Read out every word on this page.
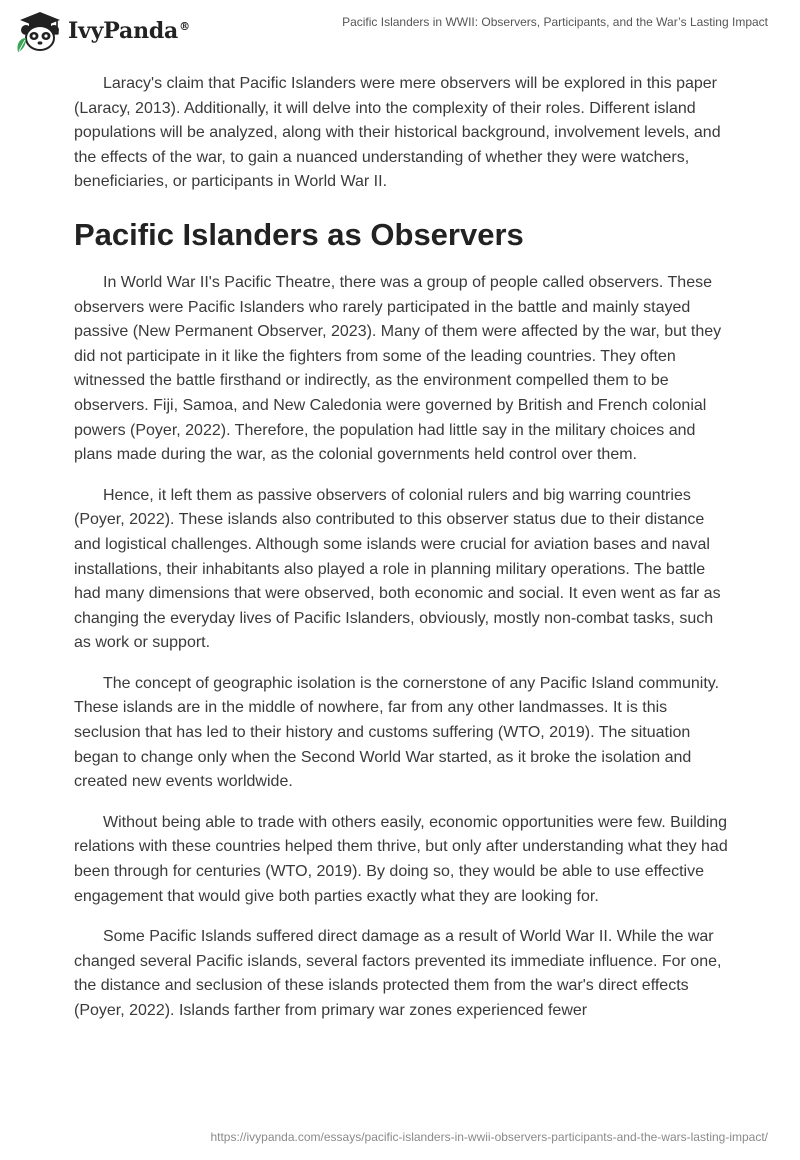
IvyPanda®	Pacific Islanders in WWII: Observers, Participants, and the War’s Lasting Impact

Laracy's claim that Pacific Islanders were mere observers will be explored in this paper (Laracy, 2013). Additionally, it will delve into the complexity of their roles. Different island populations will be analyzed, along with their historical background, involvement levels, and the effects of the war, to gain a nuanced understanding of whether they were watchers, beneficiaries, or participants in World War II.

Pacific Islanders as Observers

In World War II's Pacific Theatre, there was a group of people called observers. These observers were Pacific Islanders who rarely participated in the battle and mainly stayed passive (New Permanent Observer, 2023). Many of them were affected by the war, but they did not participate in it like the fighters from some of the leading countries. They often witnessed the battle firsthand or indirectly, as the environment compelled them to be observers. Fiji, Samoa, and New Caledonia were governed by British and French colonial powers (Poyer, 2022). Therefore, the population had little say in the military choices and plans made during the war, as the colonial governments held control over them.

Hence, it left them as passive observers of colonial rulers and big warring countries (Poyer, 2022). These islands also contributed to this observer status due to their distance and logistical challenges. Although some islands were crucial for aviation bases and naval installations, their inhabitants also played a role in planning military operations. The battle had many dimensions that were observed, both economic and social. It even went as far as changing the everyday lives of Pacific Islanders, obviously, mostly non-combat tasks, such as work or support.

The concept of geographic isolation is the cornerstone of any Pacific Island community. These islands are in the middle of nowhere, far from any other landmasses. It is this seclusion that has led to their history and customs suffering (WTO, 2019). The situation began to change only when the Second World War started, as it broke the isolation and created new events worldwide.

Without being able to trade with others easily, economic opportunities were few. Building relations with these countries helped them thrive, but only after understanding what they had been through for centuries (WTO, 2019). By doing so, they would be able to use effective engagement that would give both parties exactly what they are looking for.

Some Pacific Islands suffered direct damage as a result of World War II. While the war changed several Pacific islands, several factors prevented its immediate influence. For one, the distance and seclusion of these islands protected them from the war's direct effects (Poyer, 2022). Islands farther from primary war zones experienced fewer

https://ivypanda.com/essays/pacific-islanders-in-wwii-observers-participants-and-the-wars-lasting-impact/
